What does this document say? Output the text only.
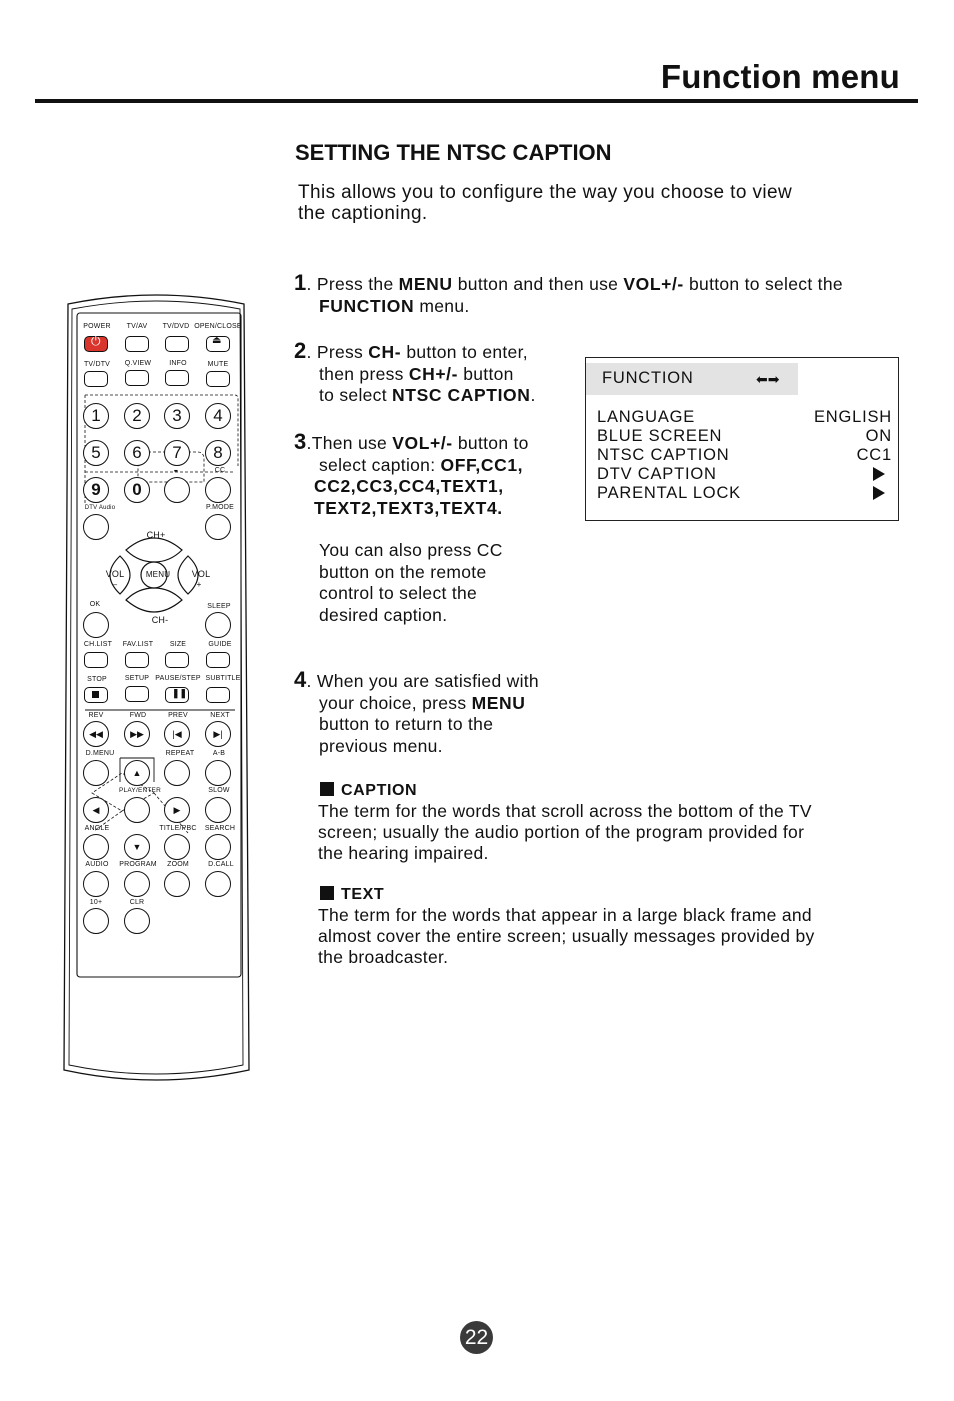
Function menu
SETTING THE NTSC CAPTION
This allows you to configure the way you choose to view
the captioning.
1. Press the MENU button and then use VOL+/- button to select the
FUNCTION menu.
2. Press CH- button to enter,
then press CH+/- button
to select NTSC CAPTION.
3.Then use VOL+/- button to
select caption: OFF,CC1,
CC2,CC3,CC4,TEXT1,
TEXT2,TEXT3,TEXT4.
You can also press CC
button on the remote
control to select the
desired caption.
4. When you are satisfied with
your choice, press MENU
button to return to the
previous menu.
FUNCTION	⬅➡
LANGUAGE	ENGLISH
BLUE SCREEN	ON
NTSC CAPTION	CC1
DTV CAPTION
PARENTAL LOCK
CAPTION
The term for the words that scroll across the bottom of the TV
screen; usually the audio portion of the program provided for
the hearing impaired.
TEXT
The term for the words that appear in a large black frame and
almost cover the entire screen; usually messages provided by
the broadcaster.
22
POWER TV/AV TV/DVD OPEN/CLOSE
⏻	⏏
TV/DTV Q.VIEW	INFO	MUTE
1	2	3	4
5	6	7	8
-	CC
9	0
DTV Audio	P.MODE
CH+
CH-
VOL
–
VOL
+
MENU
OK	SLEEP
CH.LIST FAV.LIST SIZE	GUIDE
STOP	SETUP PAUSE/STEP SUBTITLE
❚❚
REV	FWD	PREV	NEXT
◀◀	▶▶	|◀	▶|
D.MENU	REPEAT	A-B
▲
PLAY/ENTER	SLOW
◀	▶
ANGLE	TITLE/PBC SEARCH
▼
AUDIO PROGRAM ZOOM	D.CALL
10+	CLR
